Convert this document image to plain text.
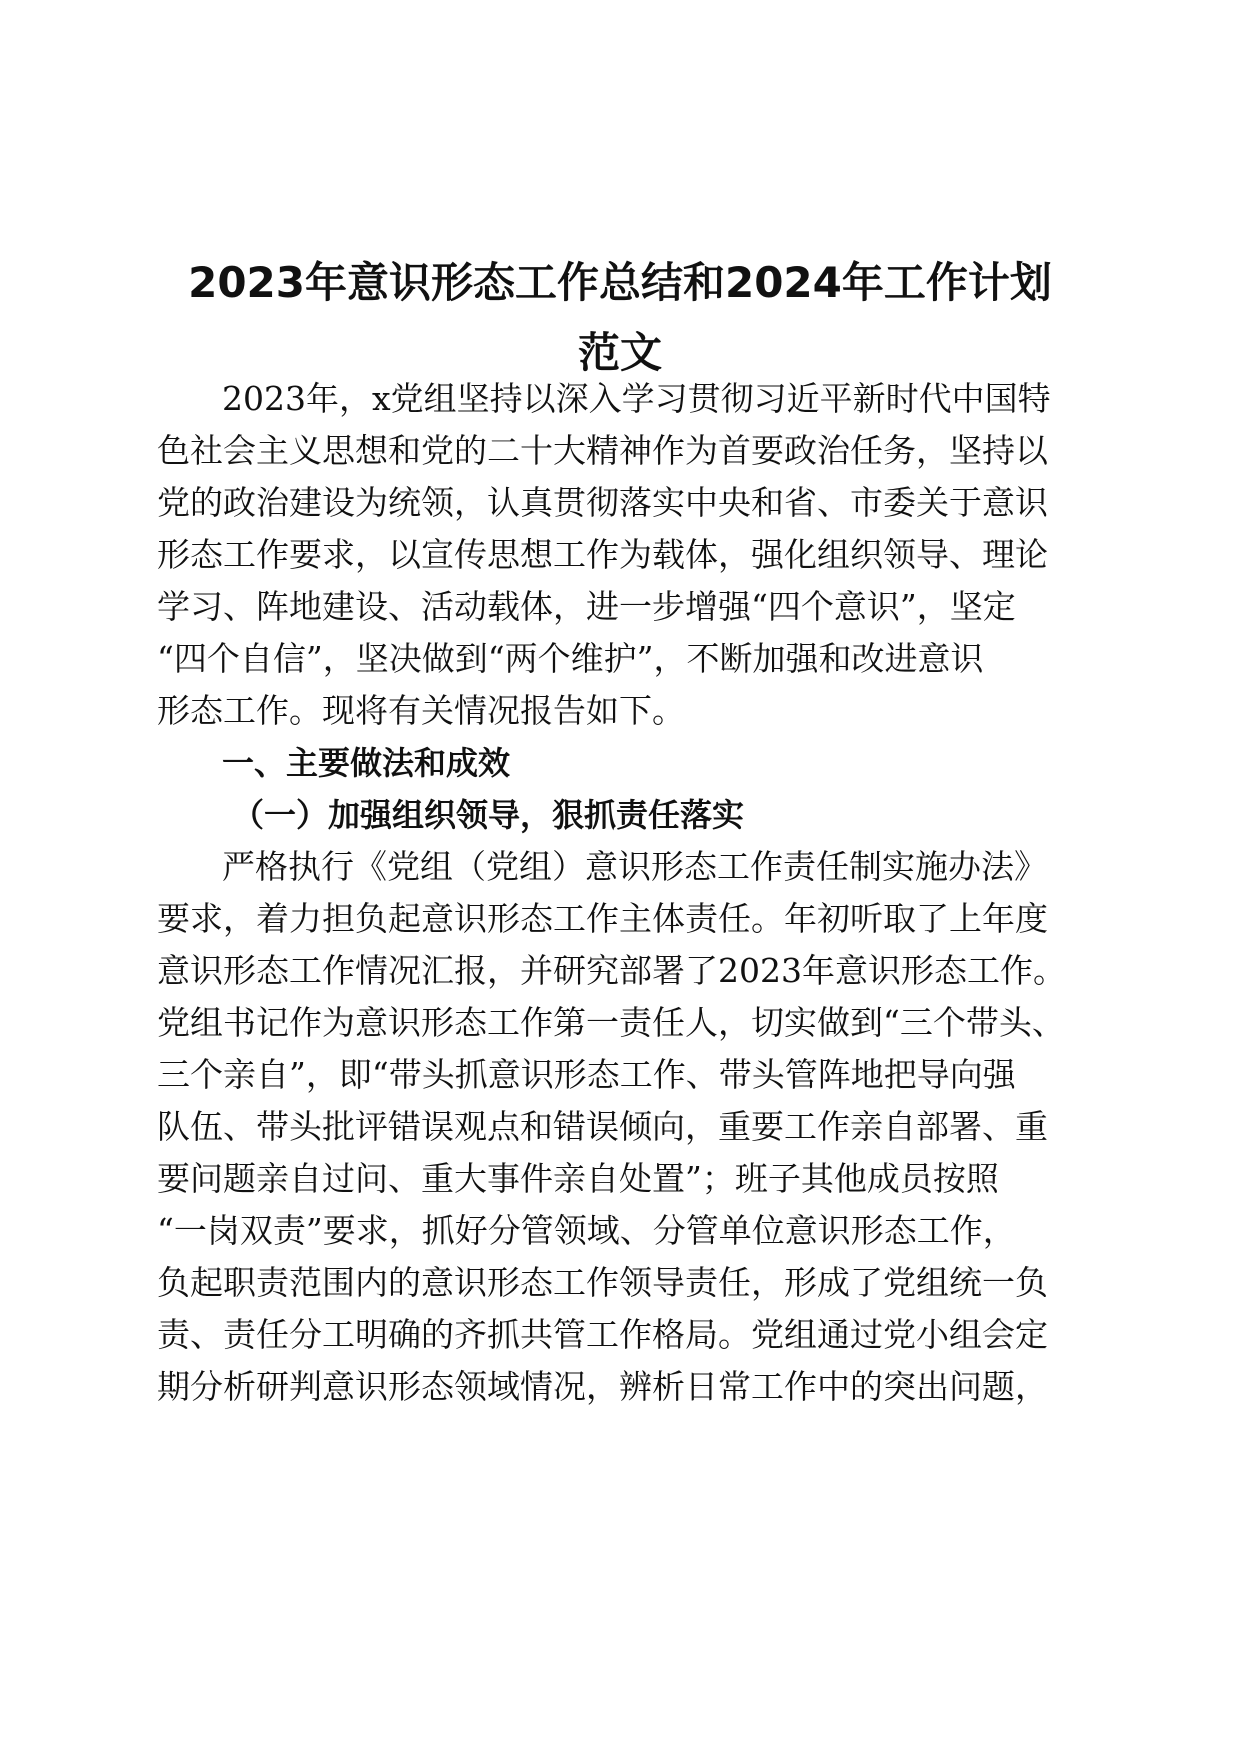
2023年意识形态工作总结和2024年工作计划
范文
2023年，x党组坚持以深入学习贯彻习近平新时代中国特
色社会主义思想和党的二十大精神作为首要政治任务，坚持以
党的政治建设为统领，认真贯彻落实中央和省、市委关于意识
形态工作要求，以宣传思想工作为载体，强化组织领导、理论
学习、阵地建设、活动载体，进一步增强“四个意识”，坚定
“四个自信”，坚决做到“两个维护”，不断加强和改进意识
形态工作。现将有关情况报告如下。
一、主要做法和成效
（一）加强组织领导，狠抓责任落实
严格执行《党组（党组）意识形态工作责任制实施办法》
要求，着力担负起意识形态工作主体责任。年初听取了上年度
意识形态工作情况汇报，并研究部署了2023年意识形态工作。
党组书记作为意识形态工作第一责任人，切实做到“三个带头、
三个亲自”，即“带头抓意识形态工作、带头管阵地把导向强
队伍、带头批评错误观点和错误倾向，重要工作亲自部署、重
要问题亲自过问、重大事件亲自处置”；班子其他成员按照
“一岗双责”要求，抓好分管领域、分管单位意识形态工作，
负起职责范围内的意识形态工作领导责任，形成了党组统一负
责、责任分工明确的齐抓共管工作格局。党组通过党小组会定
期分析研判意识形态领域情况，辨析日常工作中的突出问题，
